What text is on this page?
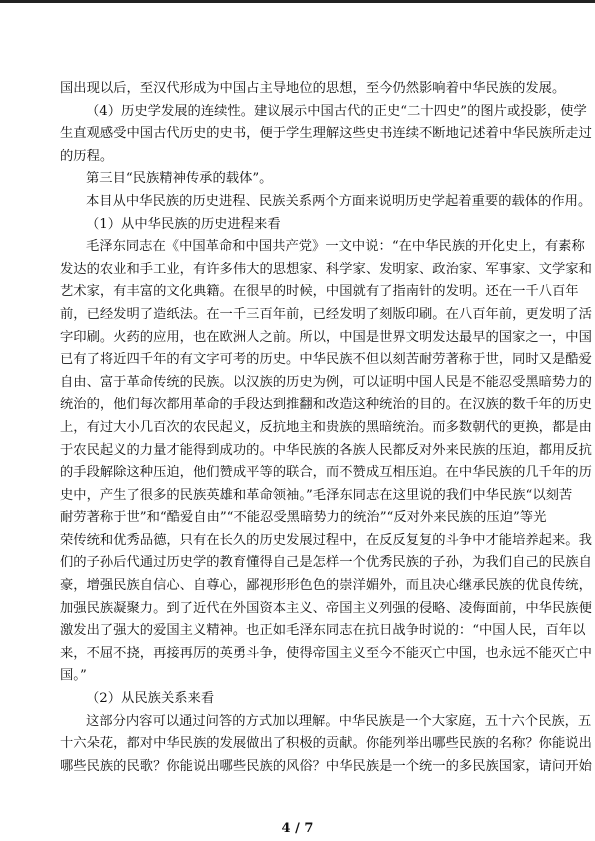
国出现以后，至汉代形成为中国占主导地位的思想，至今仍然影响着中华民族的发展。
（4）历史学发展的连续性。建议展示中国古代的正史“二十四史”的图片或投影，使学
生直观感受中国古代历史的史书，便于学生理解这些史书连续不断地记述着中华民族所走过
的历程。
第三目“民族精神传承的载体”。
本目从中华民族的历史进程、民族关系两个方面来说明历史学起着重要的载体的作用。
（1）从中华民族的历史进程来看
毛泽东同志在《中国革命和中国共产党》一文中说：“在中华民族的开化史上，有素称
发达的农业和手工业，有许多伟大的思想家、科学家、发明家、政治家、军事家、文学家和
艺术家，有丰富的文化典籍。在很早的时候，中国就有了指南针的发明。还在一千八百年
前，已经发明了造纸法。在一千三百年前，已经发明了刻版印刷。在八百年前，更发明了活
字印刷。火药的应用，也在欧洲人之前。所以，中国是世界文明发达最早的国家之一，中国
已有了将近四千年的有文字可考的历史。中华民族不但以刻苦耐劳著称于世，同时又是酷爱
自由、富于革命传统的民族。以汉族的历史为例，可以证明中国人民是不能忍受黑暗势力的
统治的，他们每次都用革命的手段达到推翻和改造这种统治的目的。在汉族的数千年的历史
上，有过大小几百次的农民起义，反抗地主和贵族的黑暗统治。而多数朝代的更换，都是由
于农民起义的力量才能得到成功的。中华民族的各族人民都反对外来民族的压迫，都用反抗
的手段解除这种压迫，他们赞成平等的联合，而不赞成互相压迫。在中华民族的几千年的历
史中，产生了很多的民族英雄和革命领袖。”毛泽东同志在这里说的我们中华民族“以刻苦
耐劳著称于世”和“酷爱自由”“不能忍受黑暗势力的统治”“反对外来民族的压迫”等光
荣传统和优秀品德，只有在长久的历史发展过程中，在反反复复的斗争中才能培养起来。我
们的子孙后代通过历史学的教育懂得自己是怎样一个优秀民族的子孙，为我们自己的民族自
豪，增强民族自信心、自尊心，鄙视形形色色的崇洋媚外，而且决心继承民族的优良传统，
加强民族凝聚力。到了近代在外国资本主义、帝国主义列强的侵略、凌侮面前，中华民族便
激发出了强大的爱国主义精神。也正如毛泽东同志在抗日战争时说的：“中国人民，百年以
来，不屈不挠，再接再厉的英勇斗争，使得帝国主义至今不能灭亡中国，也永远不能灭亡中
国。”
（2）从民族关系来看
这部分内容可以通过问答的方式加以理解。中华民族是一个大家庭，五十六个民族，五
十六朵花，都对中华民族的发展做出了积极的贡献。你能列举出哪些民族的名称？你能说出
哪些民族的民歌？你能说出哪些民族的风俗？中华民族是一个统一的多民族国家，请问开始
4 / 7
